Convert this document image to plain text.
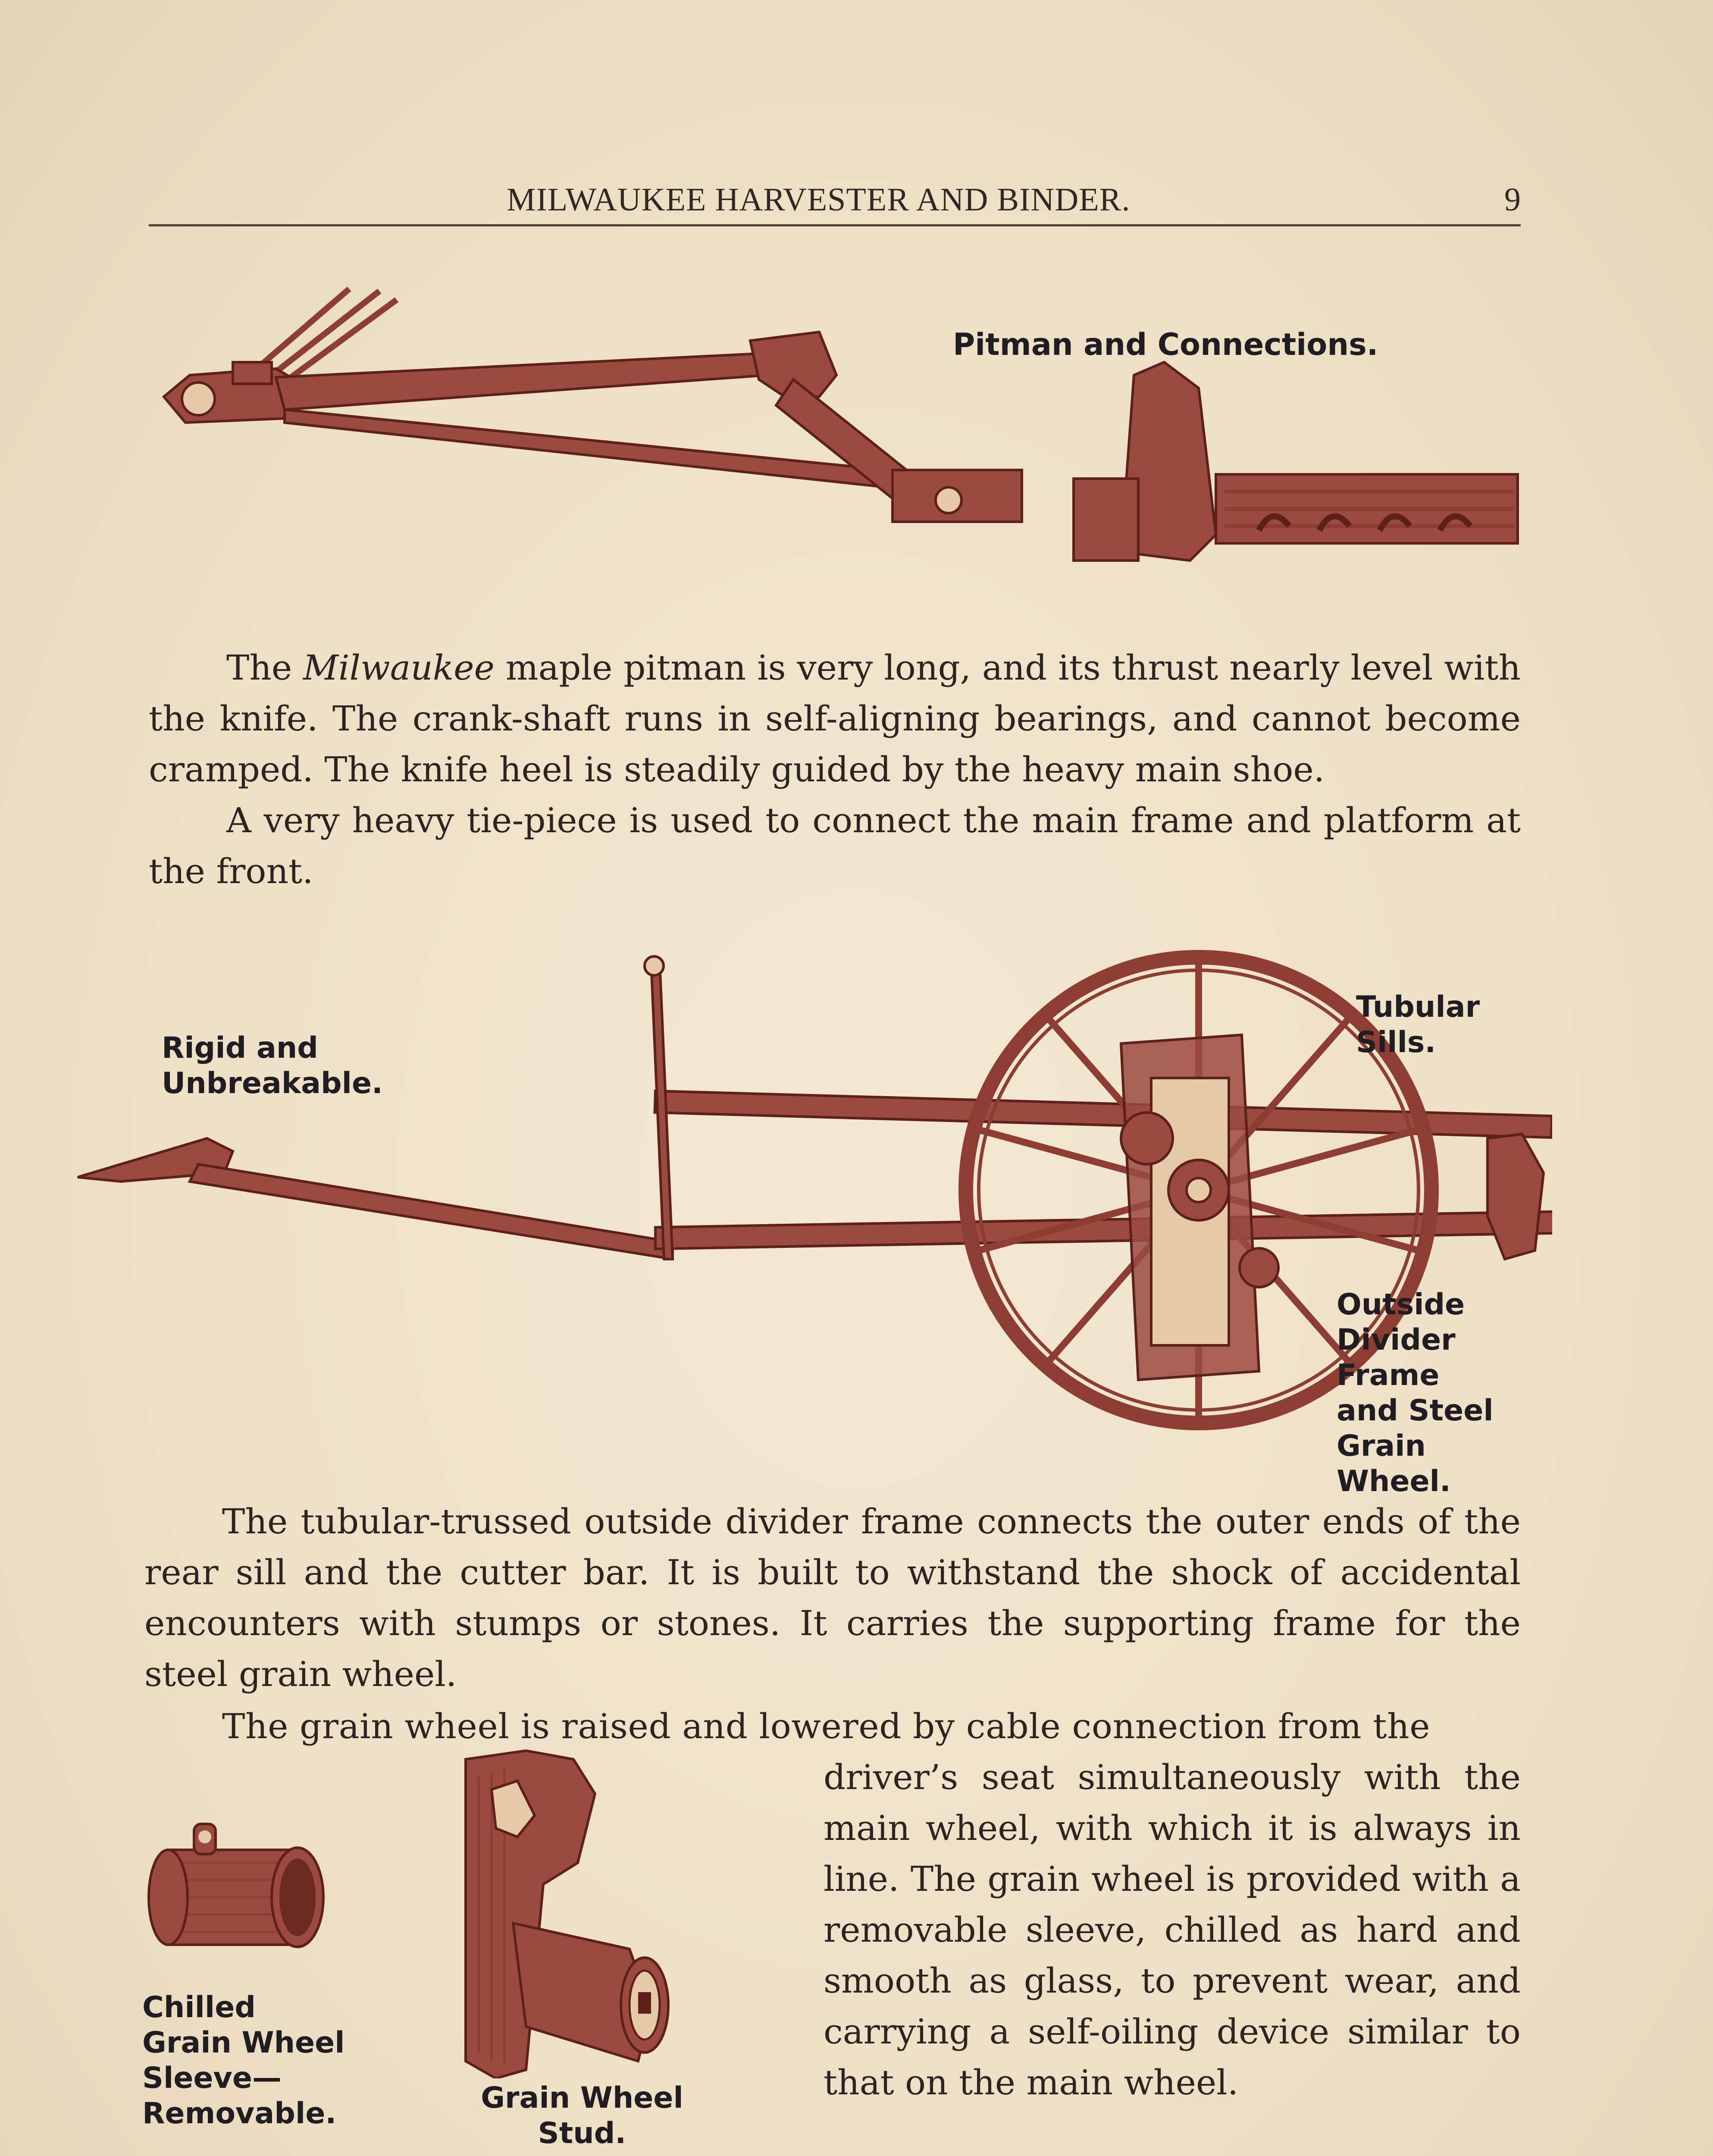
MILWAUKEE HARVESTER AND BINDER.	9
Pitman and Connections.

The Milwaukee maple pitman is very long, and its thrust nearly level with the knife. The crank-shaft runs in self-aligning bearings, and cannot become cramped. The knife heel is steadily guided by the heavy main shoe.

A very heavy tie-piece is used to connect the main frame and platform at the front.

Rigid and
Unbreakable.
Tubular
Sills.
Outside
Divider
Frame
and Steel
Grain
Wheel.

The tubular-trussed outside divider frame connects the outer ends of the rear sill and the cutter bar. It is built to withstand the shock of accidental encounters with stumps or stones. It carries the supporting frame for the steel grain wheel.

The grain wheel is raised and lowered by cable connection from the
driver’s seat simultaneously with the main wheel, with which it is always in line. The grain wheel is provided with a removable sleeve, chilled as hard and smooth as glass, to prevent wear, and carrying a self-oiling device similar to that on the main wheel.
Chilled
Grain Wheel
Sleeve—
Removable.	Grain Wheel
Stud.
